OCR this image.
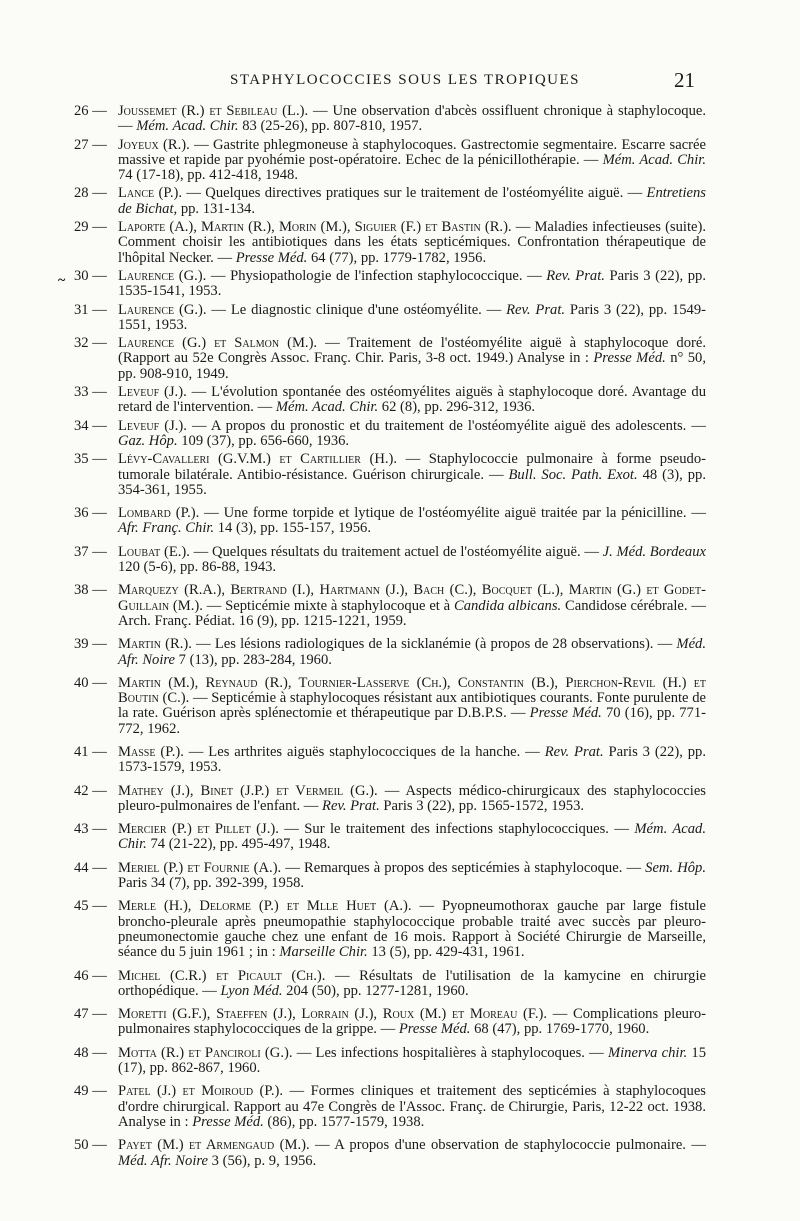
STAPHYLOCOCCIES SOUS LES TROPIQUES	21
26 — Joussemet (R.) et Sebileau (L.). — Une observation d'abcès ossifluent chronique à staphylocoque. — Mém. Acad. Chir. 83 (25-26), pp. 807-810, 1957.
27 — Joyeux (R.). — Gastrite phlegmoneuse à staphylocoques. Gastrectomie segmentaire. Escarre sacrée massive et rapide par pyohémie post-opératoire. Echec de la pénicillothérapie. — Mém. Acad. Chir. 74 (17-18), pp. 412-418, 1948.
28 — Lance (P.). — Quelques directives pratiques sur le traitement de l'ostéomyélite aiguë. — Entretiens de Bichat, pp. 131-134.
29 — Laporte (A.), Martin (R.), Morin (M.), Siguier (F.) et Bastin (R.). — Maladies infectieuses (suite). Comment choisir les antibiotiques dans les états septicémiques. Confrontation thérapeutique de l'hôpital Necker. — Presse Méd. 64 (77), pp. 1779-1782, 1956.
~ 30 — Laurence (G.). — Physiopathologie de l'infection staphylococcique. — Rev. Prat. Paris 3 (22), pp. 1535-1541, 1953.
31 — Laurence (G.). — Le diagnostic clinique d'une ostéomyélite. — Rev. Prat. Paris 3 (22), pp. 1549-1551, 1953.
32 — Laurence (G.) et Salmon (M.). — Traitement de l'ostéomyélite aiguë à staphylocoque doré. (Rapport au 52e Congrès Assoc. Franç. Chir. Paris, 3-8 oct. 1949.) Analyse in : Presse Méd. n° 50, pp. 908-910, 1949.
33 — Leveuf (J.). — L'évolution spontanée des ostéomyélites aiguës à staphylocoque doré. Avantage du retard de l'intervention. — Mém. Acad. Chir. 62 (8), pp. 296-312, 1936.
34 — Leveuf (J.). — A propos du pronostic et du traitement de l'ostéomyélite aiguë des adolescents. — Gaz. Hôp. 109 (37), pp. 656-660, 1936.
35 — Lévy-Cavalleri (G.V.M.) et Cartillier (H.). — Staphylococcie pulmonaire à forme pseudo-tumorale bilatérale. Antibio-résistance. Guérison chirurgicale. — Bull. Soc. Path. Exot. 48 (3), pp. 354-361, 1955.
36 — Lombard (P.). — Une forme torpide et lytique de l'ostéomyélite aiguë traitée par la pénicilline. — Afr. Franç. Chir. 14 (3), pp. 155-157, 1956.
37 — Loubat (E.). — Quelques résultats du traitement actuel de l'ostéomyélite aiguë. — J. Méd. Bordeaux 120 (5-6), pp. 86-88, 1943.
38 — Marquezy (R.A.), Bertrand (I.), Hartmann (J.), Bach (C.), Bocquet (L.), Martin (G.) et Godet-Guillain (M.). — Septicémie mixte à staphylocoque et à Candida albicans. Candidose cérébrale. — Arch. Franç. Pédiat. 16 (9), pp. 1215-1221, 1959.
39 — Martin (R.). — Les lésions radiologiques de la sicklanémie (à propos de 28 observations). — Méd. Afr. Noire 7 (13), pp. 283-284, 1960.
40 — Martin (M.), Reynaud (R.), Tournier-Lasserve (Ch.), Constantin (B.), Pierchon-Revil (H.) et Boutin (C.). — Septicémie à staphylocoques résistant aux antibiotiques courants. Fonte purulente de la rate. Guérison après splénectomie et thérapeutique par D.B.P.S. — Presse Méd. 70 (16), pp. 771-772, 1962.
41 — Masse (P.). — Les arthrites aiguës staphylococciques de la hanche. — Rev. Prat. Paris 3 (22), pp. 1573-1579, 1953.
42 — Mathey (J.), Binet (J.P.) et Vermeil (G.). — Aspects médico-chirurgicaux des staphylococcies pleuro-pulmonaires de l'enfant. — Rev. Prat. Paris 3 (22), pp. 1565-1572, 1953.
43 — Mercier (P.) et Pillet (J.). — Sur le traitement des infections staphylococciques. — Mém. Acad. Chir. 74 (21-22), pp. 495-497, 1948.
44 — Meriel (P.) et Fournie (A.). — Remarques à propos des septicémies à staphylocoque. — Sem. Hôp. Paris 34 (7), pp. 392-399, 1958.
45 — Merle (H.), Delorme (P.) et Mlle Huet (A.). — Pyopneumothorax gauche par large fistule broncho-pleurale après pneumopathie staphylococcique probable traité avec succès par pleuro-pneumonectomie gauche chez une enfant de 16 mois. Rapport à Société Chirurgie de Marseille, séance du 5 juin 1961 ; in : Marseille Chir. 13 (5), pp. 429-431, 1961.
46 — Michel (C.R.) et Picault (Ch.). — Résultats de l'utilisation de la kamycine en chirurgie orthopédique. — Lyon Méd. 204 (50), pp. 1277-1281, 1960.
47 — Moretti (G.F.), Staeffen (J.), Lorrain (J.), Roux (M.) et Moreau (F.). — Complications pleuro-pulmonaires staphylococciques de la grippe. — Presse Méd. 68 (47), pp. 1769-1770, 1960.
48 — Motta (R.) et Panciroli (G.). — Les infections hospitalières à staphylocoques. — Minerva chir. 15 (17), pp. 862-867, 1960.
49 — Patel (J.) et Moiroud (P.). — Formes cliniques et traitement des septicémies à staphylocoques d'ordre chirurgical. Rapport au 47e Congrès de l'Assoc. Franç. de Chirurgie, Paris, 12-22 oct. 1938. Analyse in : Presse Méd. (86), pp. 1577-1579, 1938.
50 — Payet (M.) et Armengaud (M.). — A propos d'une observation de staphylococcie pulmonaire. — Méd. Afr. Noire 3 (56), p. 9, 1956.
